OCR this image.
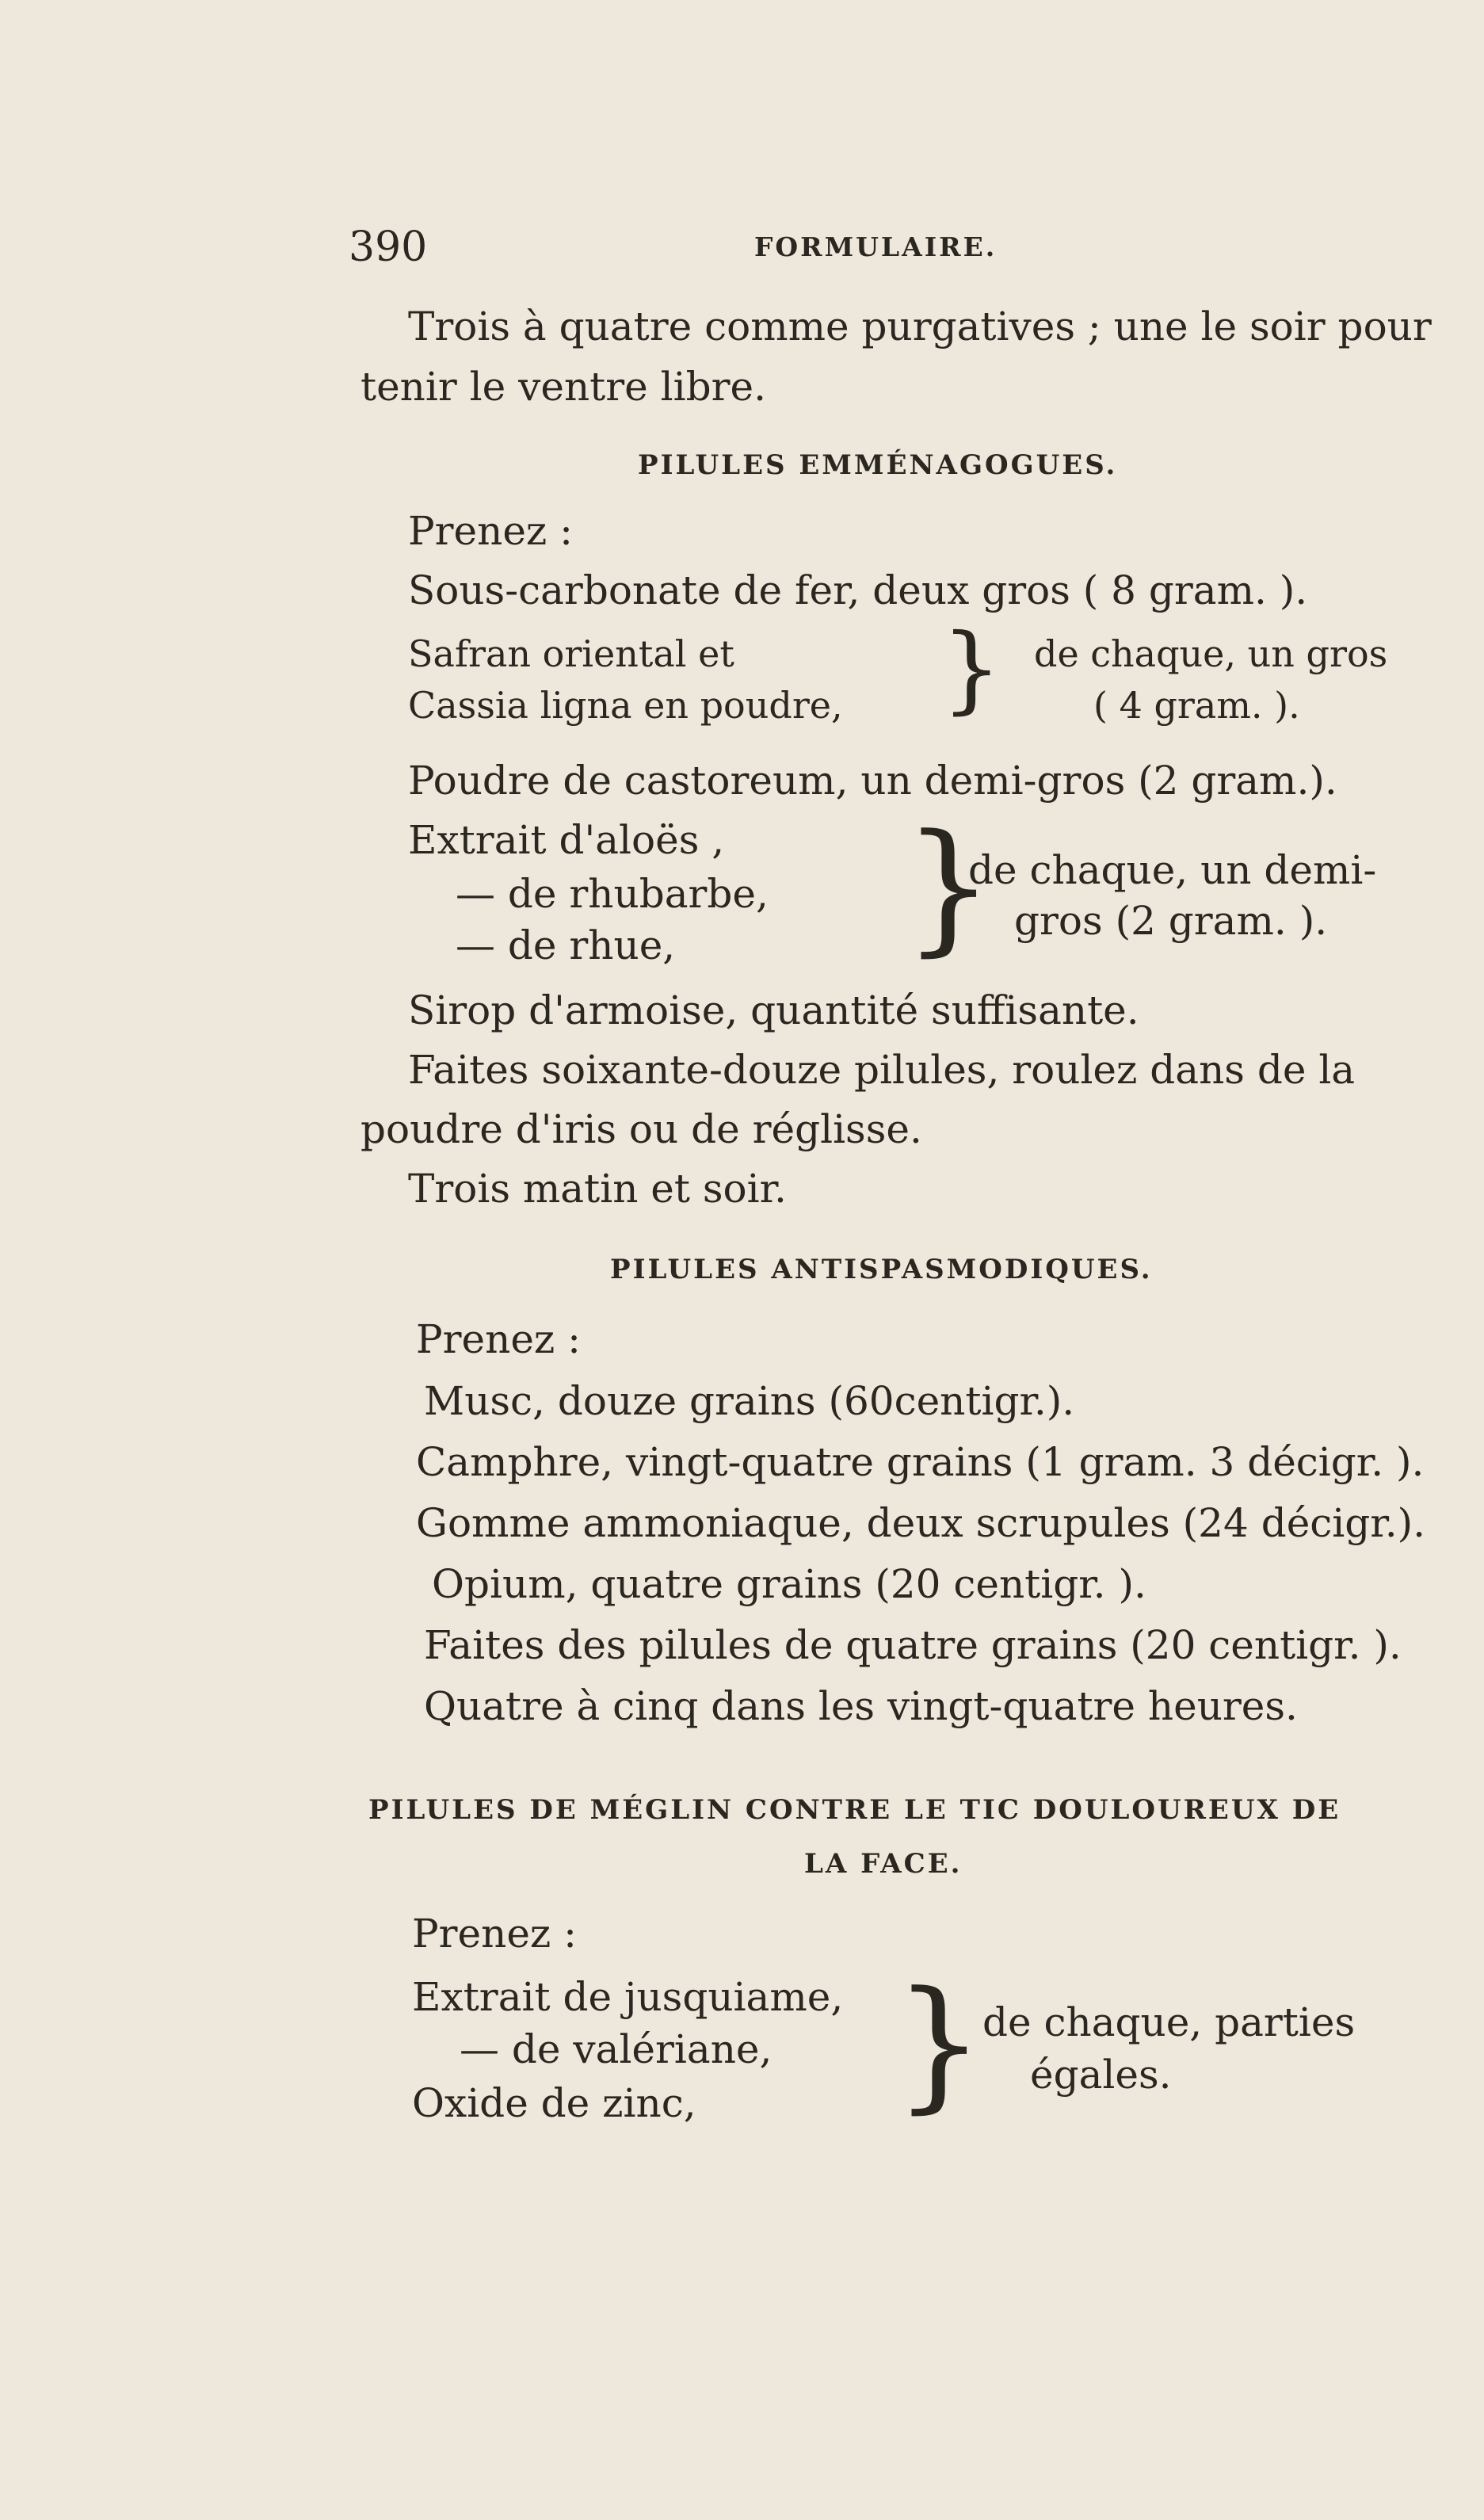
390	FORMULAIRE.
Trois à quatre comme purgatives ; une le soir pour
tenir le ventre libre.
PILULES EMMÉNAGOGUES.
Prenez :
Sous-carbonate de fer, deux gros ( 8 gram. ).
Safran oriental et
Cassia ligna en poudre, } de chaque, un gros
( 4 gram. ).
Poudre de castoreum, un demi-gros (2 gram.).
Extrait d'aloës ,
— de rhubarbe,
— de rhue, }
de chaque, un demi-
gros (2 gram. ).
Sirop d'armoise, quantité suffisante.
Faites soixante-douze pilules, roulez dans de la
poudre d'iris ou de réglisse.
Trois matin et soir.
PILULES ANTISPASMODIQUES.
Prenez :
Musc, douze grains (60centigr.).
Camphre, vingt-quatre grains (1 gram. 3 décigr. ).
Gomme ammoniaque, deux scrupules (24 décigr.).
Opium, quatre grains (20 centigr. ).
Faites des pilules de quatre grains (20 centigr. ).
Quatre à cinq dans les vingt-quatre heures.
PILULES DE MÉGLIN CONTRE LE TIC DOULOUREUX DE
LA FACE.
Prenez :
Extrait de jusquiame,
— de valériane,
Oxide de zinc, }
de chaque, parties
égales.
